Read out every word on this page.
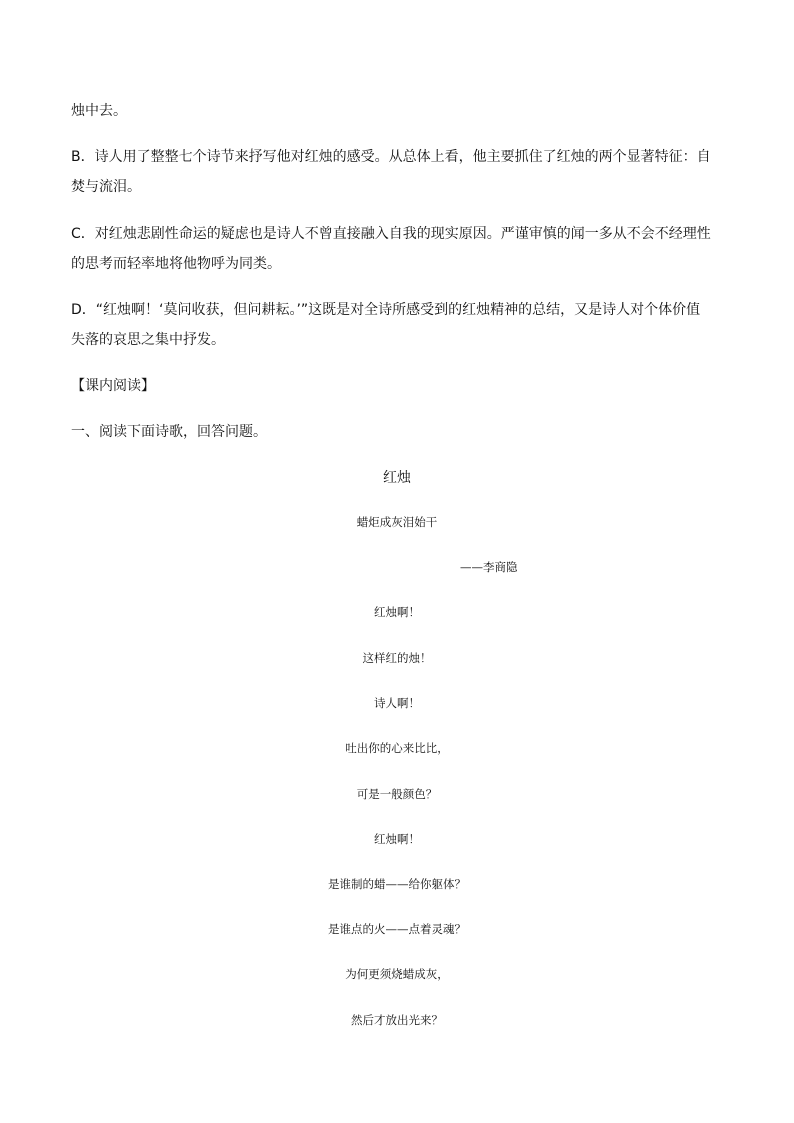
烛中去。

B．诗人用了整整七个诗节来抒写他对红烛的感受。从总体上看，他主要抓住了红烛的两个显著特征：自

焚与流泪。

C．对红烛悲剧性命运的疑虑也是诗人不曾直接融入自我的现实原因。严谨审慎的闻一多从不会不经理性

的思考而轻率地将他物呼为同类。

D．“红烛啊！‘莫问收获，但问耕耘。’”这既是对全诗所感受到的红烛精神的总结，又是诗人对个体价值

失落的哀思之集中抒发。

【课内阅读】

一、阅读下面诗歌，回答问题。

红烛

蜡炬成灰泪始干

——李商隐

红烛啊！

这样红的烛！

诗人啊！

吐出你的心来比比，

可是一般颜色？

红烛啊！

是谁制的蜡——给你躯体？

是谁点的火——点着灵魂？

为何更须烧蜡成灰，

然后才放出光来？
